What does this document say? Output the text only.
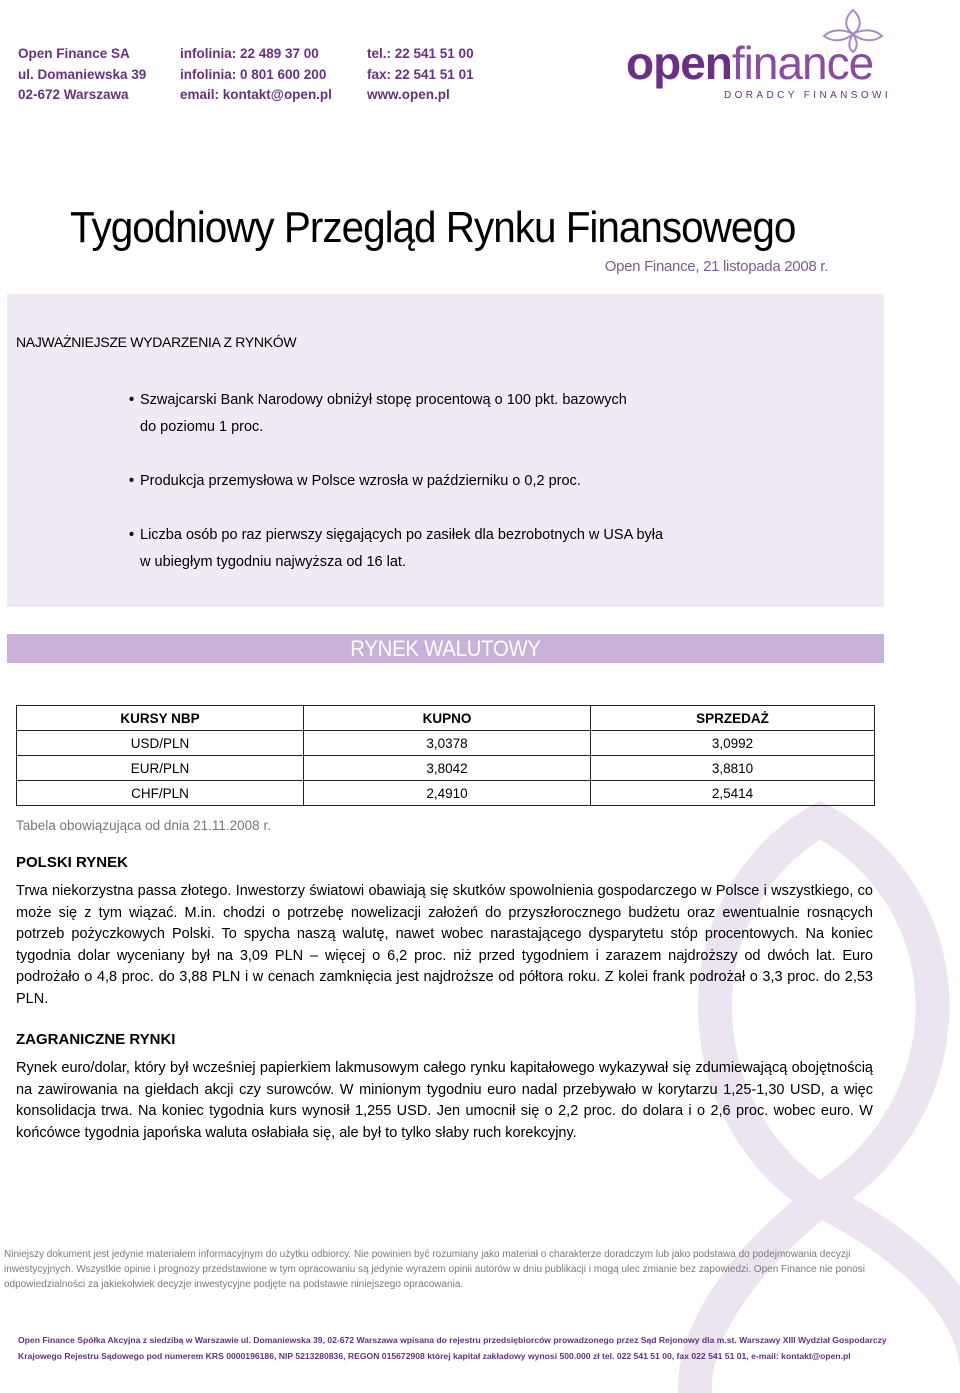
Open Finance SA
ul. Domaniewska 39
02-672 Warszawa
infolinia: 22 489 37 00
infolinia: 0 801 600 200
email: kontakt@open.pl
tel.: 22 541 51 00
fax: 22 541 51 01
www.open.pl
openfinance
DORADCY FINANSOWI
Tygodniowy Przegląd Rynku Finansowego
Open Finance, 21 listopada 2008 r.
NAJWAŻNIEJSZE WYDARZENIA Z RYNKÓW
• Szwajcarski Bank Narodowy obniżył stopę procentową o 100 pkt. bazowych
do poziomu 1 proc.
• Produkcja przemysłowa w Polsce wzrosła w październiku o 0,2 proc.
• Liczba osób po raz pierwszy sięgających po zasiłek dla bezrobotnych w USA była
w ubiegłym tygodniu najwyższa od 16 lat.
RYNEK WALUTOWY
KURSY NBP	KUPNO	SPRZEDAŻ
USD/PLN	3,0378	3,0992
EUR/PLN	3,8042	3,8810
CHF/PLN	2,4910	2,5414
Tabela obowiązująca od dnia 21.11.2008 r.
POLSKI RYNEK
Trwa niekorzystna passa złotego. Inwestorzy światowi obawiają się skutków spowolnienia gospodarczego w Polsce i wszystkiego, co może się z tym wiązać. M.in. chodzi o potrzebę nowelizacji założeń do przyszłorocznego budżetu oraz ewentualnie rosnących potrzeb pożyczkowych Polski. To spycha naszą walutę, nawet wobec narastającego dysparytetu stóp procentowych. Na koniec tygodnia dolar wyceniany był na 3,09 PLN – więcej o 6,2 proc. niż przed tygodniem i zarazem najdroższy od dwóch lat. Euro podrożało o 4,8 proc. do 3,88 PLN i w cenach zamknięcia jest najdroższe od półtora roku. Z kolei frank podrożał o 3,3 proc. do 2,53 PLN.
ZAGRANICZNE RYNKI
Rynek euro/dolar, który był wcześniej papierkiem lakmusowym całego rynku kapitałowego wykazywał się zdumiewającą obojętnością na zawirowania na giełdach akcji czy surowców. W minionym tygodniu euro nadal przebywało w korytarzu 1,25-1,30 USD, a więc konsolidacja trwa. Na koniec tygodnia kurs wynosił 1,255 USD. Jen umocnił się o 2,2 proc. do dolara i o 2,6 proc. wobec euro. W końcówce tygodnia japońska waluta osłabiała się, ale był to tylko słaby ruch korekcyjny.
Niniejszy dokument jest jedynie materiałem informacyjnym do użytku odbiorcy. Nie powinien być rozumiany jako materiał o charakterze doradczym lub jako podstawa do podejmowania decyzji inwestycyjnych. Wszystkie opinie i prognozy przedstawione w tym opracowaniu są jedynie wyrazem opinii autorów w dniu publikacji i mogą ulec zmianie bez zapowiedzi. Open Finance nie ponosi odpowiedzialności za jakiekolwiek decyzje inwestycyjne podjęte na podstawie niniejszego opracowania.
Open Finance Spółka Akcyjna z siedzibą w Warszawie ul. Domaniewska 39, 02-672 Warszawa wpisana do rejestru przedsiębiorców prowadzonego przez Sąd Rejonowy dla m.st. Warszawy XIII Wydział Gospodarczy
Krajowego Rejestru Sądowego pod numerem KRS 0000196186, NIP 5213280836, REGON 015672908 której kapitał zakładowy wynosi 500.000 zł tel. 022 541 51 00, fax 022 541 51 01, e-mail: kontakt@open.pl
